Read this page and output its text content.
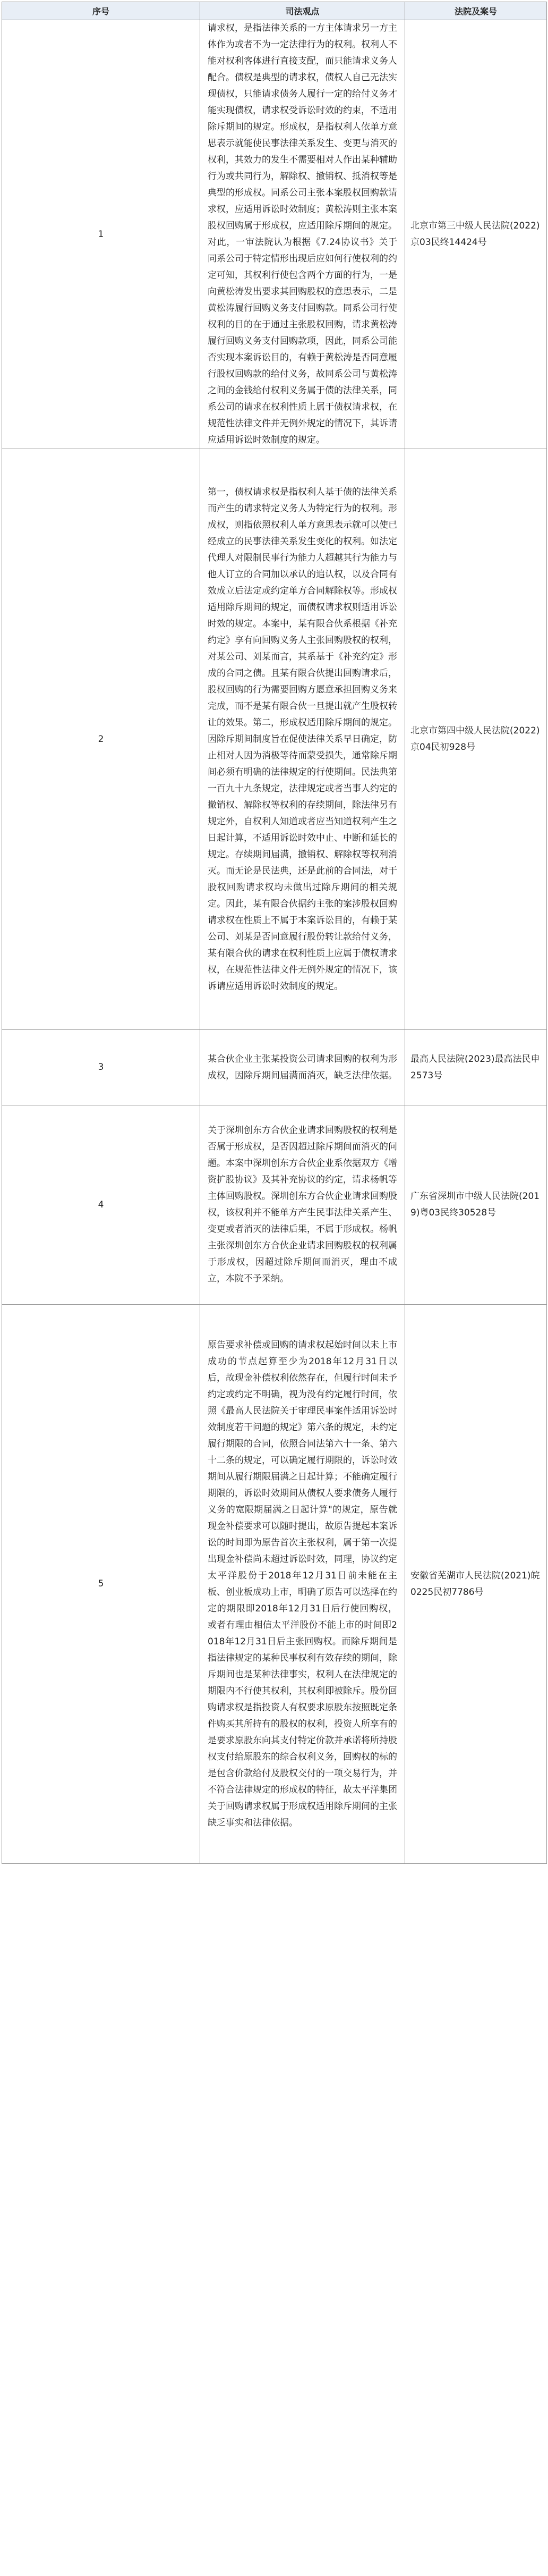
序号	司法观点	法院及案号
1	请求权，是指法律关系的一方主体请求另一方主体作为或者不为一定法律行为的权利。权利人不能对权利客体进行直接支配，而只能请求义务人配合。债权是典型的请求权，债权人自己无法实现债权，只能请求债务人履行一定的给付义务才能实现债权，请求权受诉讼时效的约束，不适用除斥期间的规定。形成权，是指权利人依单方意思表示就能使民事法律关系发生、变更与消灭的权利，其效力的发生不需要相对人作出某种辅助行为或共同行为，解除权、撤销权、抵消权等是典型的形成权。同系公司主张本案股权回购款请求权，应适用诉讼时效制度；黄松涛则主张本案股权回购属于形成权，应适用除斥期间的规定。对此，一审法院认为根据《7.24协议书》关于同系公司于特定情形出现后应如何行使权利的约定可知，其权利行使包含两个方面的行为，一是向黄松涛发出要求其回购股权的意思表示，二是黄松涛履行回购义务支付回购款。同系公司行使权利的目的在于通过主张股权回购，请求黄松涛履行回购义务支付回购款项，因此，同系公司能否实现本案诉讼目的，有赖于黄松涛是否同意履行股权回购款的给付义务，故同系公司与黄松涛之间的金钱给付权利义务属于债的法律关系，同系公司的请求在权利性质上属于债权请求权，在规范性法律文件并无例外规定的情况下，其诉请应适用诉讼时效制度的规定。	北京市第三中级人民法院(2022)京03民终14424号
2	第一，债权请求权是指权利人基于债的法律关系而产生的请求特定义务人为特定行为的权利。形成权，则指依照权利人单方意思表示就可以使已经成立的民事法律关系发生变化的权利。如法定代理人对限制民事行为能力人超越其行为能力与他人订立的合同加以承认的追认权，以及合同有效成立后法定或约定单方合同解除权等。形成权适用除斥期间的规定，而债权请求权则适用诉讼时效的规定。本案中，某有限合伙系根据《补充约定》享有向回购义务人主张回购股权的权利，对某公司、刘某而言，其系基于《补充约定》形成的合同之债。且某有限合伙提出回购请求后，股权回购的行为需要回购方愿意承担回购义务来完成，而不是某有限合伙一旦提出就产生股权转让的效果。第二，形成权适用除斥期间的规定。因除斥期间制度旨在促使法律关系早日确定，防止相对人因为消极等待而蒙受损失，通常除斥期间必须有明确的法律规定的行使期间。民法典第一百九十九条规定，法律规定或者当事人约定的撤销权、解除权等权利的存续期间，除法律另有规定外，自权利人知道或者应当知道权利产生之日起计算，不适用诉讼时效中止、中断和延长的规定。存续期间届满，撤销权、解除权等权利消灭。而无论是民法典，还是此前的合同法，对于股权回购请求权均未做出过除斥期间的相关规定。因此，某有限合伙据约主张的案涉股权回购请求权在性质上不属于本案诉讼目的，有赖于某公司、刘某是否同意履行股份转让款给付义务，某有限合伙的请求在权利性质上应属于债权请求权，在规范性法律文件无例外规定的情况下，该诉请应适用诉讼时效制度的规定。	北京市第四中级人民法院(2022)京04民初928号
3	某合伙企业主张某投资公司请求回购的权利为形成权，因除斥期间届满而消灭，缺乏法律依据。	最高人民法院(2023)最高法民申2573号
4	关于深圳创东方合伙企业请求回购股权的权利是否属于形成权，是否因超过除斥期间而消灭的问题。本案中深圳创东方合伙企业系依据双方《增资扩股协议》及其补充协议的约定，请求杨帆等主体回购股权。深圳创东方合伙企业请求回购股权，该权利并不能单方产生民事法律关系产生、变更或者消灭的法律后果，不属于形成权。杨帆主张深圳创东方合伙企业请求回购股权的权利属于形成权，因超过除斥期间而消灭，理由不成立，本院不予采纳。	广东省深圳市中级人民法院(2019)粤03民终30528号
5	原告要求补偿或回购的请求权起始时间以未上市成功的节点起算至少为2018年12月31日以后，故现金补偿权利依然存在，但履行时间未予约定或约定不明确，视为没有约定履行时间，依照《最高人民法院关于审理民事案件适用诉讼时效制度若干问题的规定》第六条的规定，未约定履行期限的合同，依照合同法第六十一条、第六十二条的规定，可以确定履行期限的，诉讼时效期间从履行期限届满之日起计算；不能确定履行期限的，诉讼时效期间从债权人要求债务人履行义务的宽限期届满之日起计算"的规定，原告就现金补偿要求可以随时提出，故原告提起本案诉讼的时间即为原告首次主张权利，属于第一次提出现金补偿尚未超过诉讼时效，同理，协议约定太平洋股份于2018年12月31日前未能在主板、创业板成功上市，明确了原告可以选择在约定的期限即2018年12月31日后行使回购权，或者有理由相信太平洋股份不能上市的时间即2018年12月31日后主张回购权。而除斥期间是指法律规定的某种民事权利有效存续的期间，除斥期间也是某种法律事实，权利人在法律规定的期限内不行使其权利，其权利即被除斥。股份回购请求权是指投资人有权要求原股东按照既定条件购买其所持有的股权的权利，投资人所享有的是要求原股东向其支付特定价款并承诺将所持股权支付给原股东的综合权利义务，回购权的标的是包含价款给付及股权交付的一项交易行为，并不符合法律规定的形成权的特征，故太平洋集团关于回购请求权属于形成权适用除斥期间的主张缺乏事实和法律依据。	安徽省芜湖市人民法院(2021)皖0225民初7786号
